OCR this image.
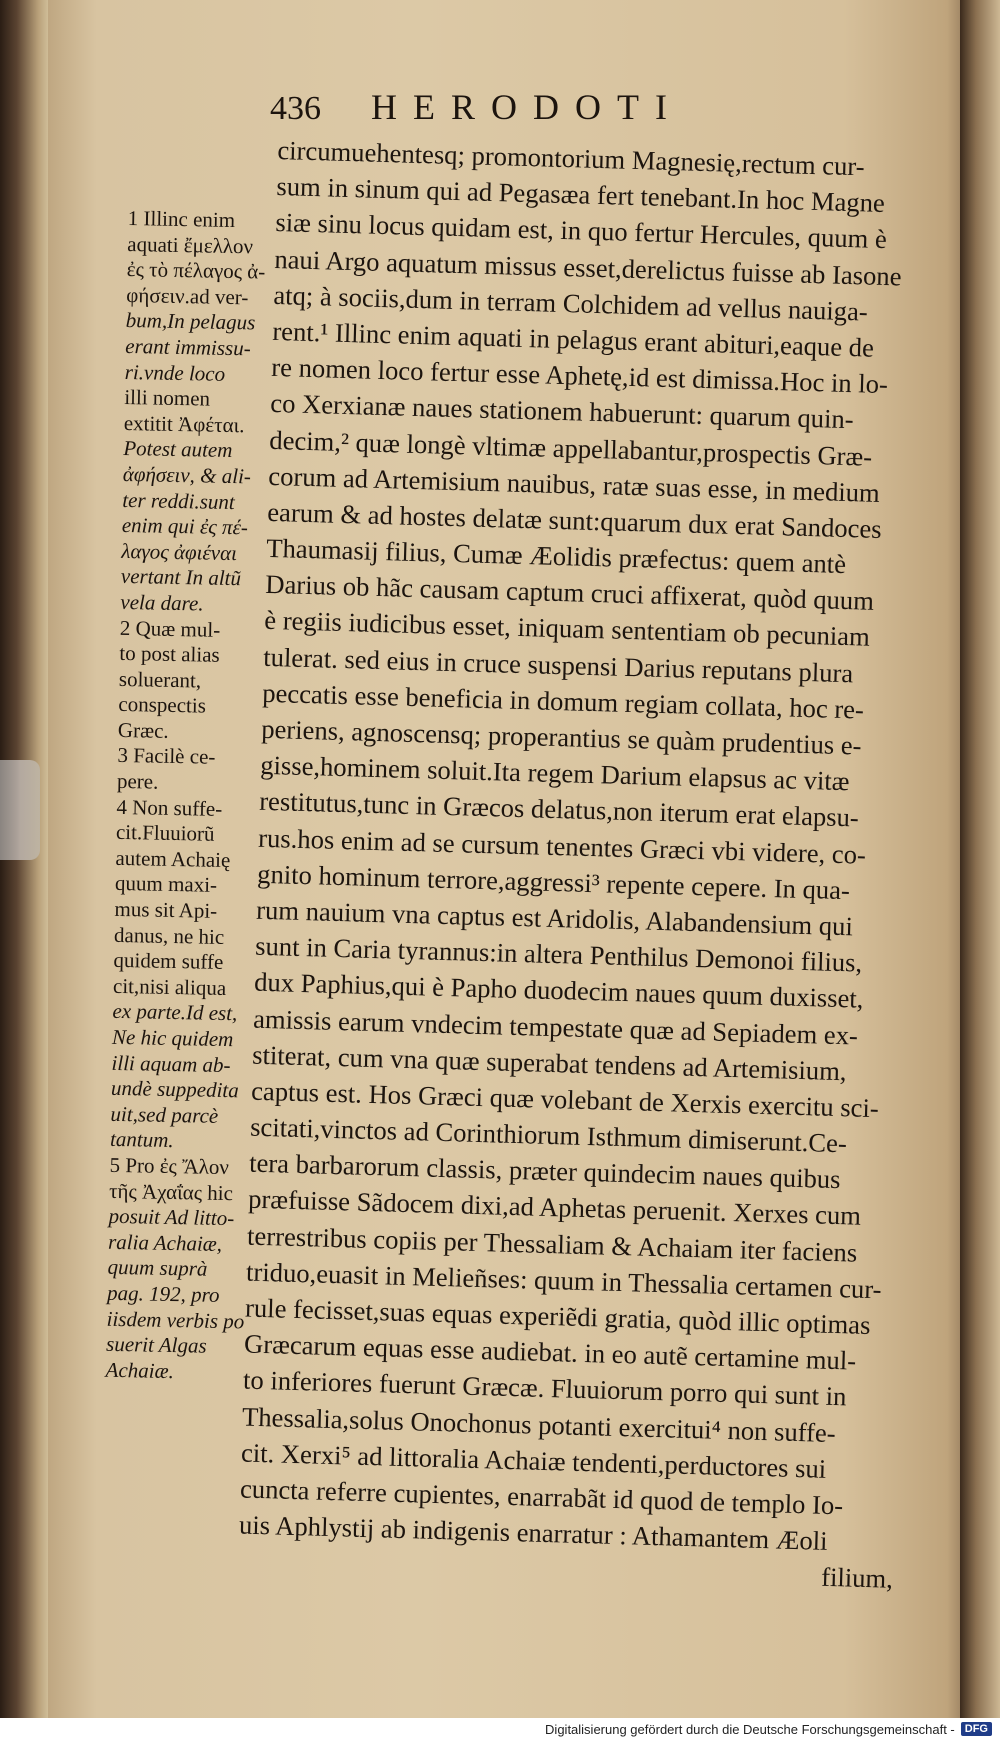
436 HERODOTI
circumuehentesq; promontorium Magnesię,rectum cur-
sum in sinum qui ad Pegasæa fert tenebant.In hoc Magne
siæ sinu locus quidam est, in quo fertur Hercules, quum è
naui Argo aquatum missus esset,derelictus fuisse ab Iasone
atq; à sociis,dum in terram Colchidem ad vellus nauiga-
rent.¹ Illinc enim aquati in pelagus erant abituri,eaque de
re nomen loco fertur esse Aphetę,id est dimissa.Hoc in lo-
co Xerxianæ naues stationem habuerunt: quarum quin-
decim,² quæ longè vltimæ appellabantur,prospectis Græ-
corum ad Artemisium nauibus, ratæ suas esse, in medium
earum & ad hostes delatæ sunt:quarum dux erat Sandoces
Thaumasij filius, Cumæ Æolidis præfectus: quem antè
Darius ob hãc causam captum cruci affixerat, quòd quum
è regiis iudicibus esset, iniquam sententiam ob pecuniam
tulerat. sed eius in cruce suspensi Darius reputans plura
peccatis esse beneficia in domum regiam collata, hoc re-
periens, agnoscensq; properantius se quàm prudentius e-
gisse,hominem soluit.Ita regem Darium elapsus ac vitæ
restitutus,tunc in Græcos delatus,non iterum erat elapsu-
rus.hos enim ad se cursum tenentes Græci vbi videre, co-
gnito hominum terrore,aggressi³ repente cepere. In qua-
rum nauium vna captus est Aridolis, Alabandensium qui
sunt in Caria tyrannus:in altera Penthilus Demonoi filius,
dux Paphius,qui è Papho duodecim naues quum duxisset,
amissis earum vndecim tempestate quæ ad Sepiadem ex-
stiterat, cum vna quæ superabat tendens ad Artemisium,
captus est. Hos Græci quæ volebant de Xerxis exercitu sci-
scitati,vinctos ad Corinthiorum Isthmum dimiserunt.Ce-
tera barbarorum classis, præter quindecim naues quibus
præfuisse Sãdocem dixi,ad Aphetas peruenit. Xerxes cum
terrestribus copiis per Thessaliam & Achaiam iter faciens
triduo,euasit in Melieñses: quum in Thessalia certamen cur-
rule fecisset,suas equas experiẽdi gratia, quòd illic optimas
Græcarum equas esse audiebat. in eo autẽ certamine mul-
to inferiores fuerunt Græcæ. Fluuiorum porro qui sunt in
Thessalia,solus Onochonus potanti exercitui⁴ non suffe-
cit. Xerxi⁵ ad littoralia Achaiæ tendenti,perductores sui
cuncta referre cupientes, enarrabãt id quod de templo Io-
uis Aphlystij ab indigenis enarratur : Athamantem Æoli
filium,
1 Illinc enim
aquati ἔμελλον
ἐς τὸ πέλαγος ἀ-
φήσειν.ad ver-
bum,In pelagus
erant immissu-
ri.vnde loco
illi nomen
extitit Ἀφέται.
Potest autem
ἀφήσειν, & ali-
ter reddi.sunt
enim qui ἐς πέ-
λαγος ἀφιέναι
vertant In altũ
vela dare.
2 Quæ mul-
to post alias
soluerant,
conspectis
Græc.
3 Facilè ce-
pere.
4 Non suffe-
cit.Fluuiorũ
autem Achaię
quum maxi-
mus sit Api-
danus, ne hic
quidem suffe
cit,nisi aliqua
ex parte.Id est,
Ne hic quidem
illi aquam ab-
undè suppedita
uit,sed parcè
tantum.
5 Pro ἐς Ἄλον
τῆς Ἀχαΐας hic
posuit Ad litto-
ralia Achaiæ,
quum suprà
pag. 192, pro
iisdem verbis po
suerit Algas
Achaiæ.
Digitalisierung gefördert durch die Deutsche Forschungsgemeinschaft - DFG
